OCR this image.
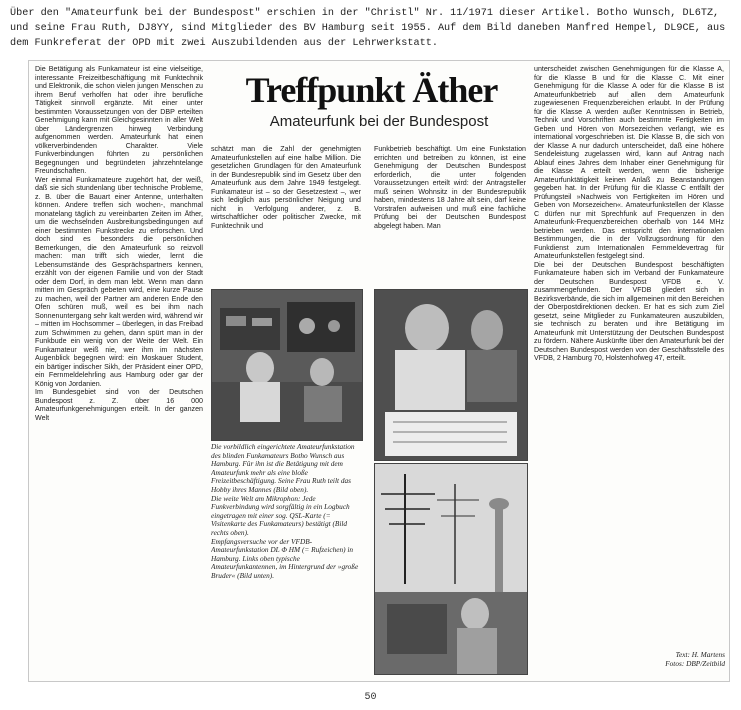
Über den "Amateurfunk bei der Bundespost" erschien in der "Christl" Nr. 11/1971 dieser Artikel. Botho Wunsch, DL6TZ, und seine Frau Ruth, DJ8YY, sind Mitglieder des BV Hamburg seit 1955. Auf dem Bild daneben Manfred Hempel, DL9CE, aus dem Funkreferat der OPD mit zwei Auszubildenden aus der Lehrwerkstatt.
Die Betätigung als Funkamateur ist eine vielseitige, interessante Freizeitbeschäftigung mit Funktechnik und Elektronik, die schon vielen jungen Menschen zu ihrem Beruf verholfen hat oder ihre berufliche Tätigkeit sinnvoll ergänzte. Mit einer unter bestimmten Voraussetzungen von der DBP erteilten Genehmigung kann mit Gleichgesinnten in aller Welt über Ländergrenzen hinweg Verbindung aufgenommen werden. Amateurfunk hat einen völkerverbindenden Charakter. Viele Funkverbindungen führten zu persönlichen Begegnungen und begründeten jahrzehntelange Freundschaften.
Wer einmal Funkamateure zugehört hat, der weiß, daß sie sich stundenlang über technische Probleme, z. B. über die Bauart einer Antenne, unterhalten können. Andere treffen sich wochen-, manchmal monatelang täglich zu vereinbarten Zeiten im Äther, um die wechselnden Ausbreitungsbedingungen auf einer bestimmten Funkstrecke zu erforschen. Und doch sind es besonders die persönlichen Bemerkungen, die den Amateurfunk so reizvoll machen: man trifft sich wieder, lernt die Lebensumstände des Gesprächspartners kennen, erzählt von der eigenen Familie und von der Stadt oder dem Dorf, in dem man lebt. Wenn man dann mitten im Gespräch gebeten wird, eine kurze Pause zu machen, weil der Partner am anderen Ende den Ofen schüren muß, weil es bei ihm nach Sonnenuntergang sehr kalt werden wird, während wir – mitten im Hochsommer – überlegen, in das Freibad zum Schwimmen zu gehen, dann spürt man in der Funkbude ein wenig von der Weite der Welt. Ein Funkamateur weiß nie, wer ihm im nächsten Augenblick begegnen wird: ein Moskauer Student, ein bärtiger indischer Sikh, der Präsident einer OPD, ein Fernmeldelehrling aus Hamburg oder gar der König von Jordanien.
Im Bundesgebiet sind von der Deutschen Bundespost z. Z. über 16 000 Amateurfunkgenehmigungen erteilt. In der ganzen Welt
Treffpunkt Äther
Amateurfunk bei der Bundespost
schätzt man die Zahl der genehmigten Amateurfunkstellen auf eine halbe Million. Die gesetzlichen Grundlagen für den Amateurfunk in der Bundesrepublik sind im Gesetz über den Amateurfunk aus dem Jahre 1949 festgelegt. Funkamateur ist – so der Gesetzestext –, wer sich lediglich aus persönlicher Neigung und nicht in Verfolgung anderer, z. B. wirtschaftlicher oder politischer Zwecke, mit Funktechnik und
Funkbetrieb beschäftigt. Um eine Funkstation errichten und betreiben zu können, ist eine Genehmigung der Deutschen Bundespost erforderlich, die unter folgenden Voraussetzungen erteilt wird: der Antragsteller muß seinen Wohnsitz in der Bundesrepublik haben, mindestens 18 Jahre alt sein, darf keine Vorstrafen aufweisen und muß eine fachliche Prüfung bei der Deutschen Bundespost abgelegt haben. Man
Die vorbildlich eingerichtete Amateurfunkstation des blinden Funkamateurs Botho Wunsch aus Hamburg. Für ihn ist die Betätigung mit dem Amateurfunk mehr als eine bloße Freizeitbeschäftigung. Seine Frau Ruth teilt das Hobby ihres Mannes (Bild oben).
Die weite Welt am Mikrophon: Jede Funkverbindung wird sorgfältig in ein Logbuch eingetragen mit einer sog. QSL-Karte (= Visitenkarte des Funkamateurs) bestätigt (Bild rechts oben).
Empfangsversuche vor der VFDB-Amateurfunkstation DL Φ HM (= Rufzeichen) in Hamburg. Links oben typische Amateurfunkantennen, im Hintergrund der »große Bruder« (Bild unten).
unterscheidet zwischen Genehmigungen für die Klasse A, für die Klasse B und für die Klasse C. Mit einer Genehmigung für die Klasse A oder für die Klasse B ist Amateurfunkbetrieb auf allen dem Amateurfunk zugewiesenen Frequenzbereichen erlaubt. In der Prüfung für die Klasse A werden außer Kenntnissen in Betrieb, Technik und Vorschriften auch bestimmte Fertigkeiten im Geben und Hören von Morsezeichen verlangt, wie es international vorgeschrieben ist. Die Klasse B, die sich von der Klasse A nur dadurch unterscheidet, daß eine höhere Sendeleistung zugelassen wird, kann auf Antrag nach Ablauf eines Jahres dem Inhaber einer Genehmigung für die Klasse A erteilt werden, wenn die bisherige Amateurfunktätigkeit keinen Anlaß zu Beanstandungen gegeben hat. In der Prüfung für die Klasse C entfällt der Prüfungsteil »Nachweis von Fertigkeiten im Hören und Geben von Morsezeichen«. Amateurfunkstellen der Klasse C dürfen nur mit Sprechfunk auf Frequenzen in den Amateurfunk-Frequenzbereichen oberhalb von 144 MHz betrieben werden. Das entspricht den internationalen Bestimmungen, die in der Vollzugsordnung für den Funkdienst zum Internationalen Fernmeldevertrag für Amateurfunkstellen festgelegt sind.
Die bei der Deutschen Bundespost beschäftigten Funkamateure haben sich im Verband der Funkamateure der Deutschen Bundespost VFDB e. V. zusammengefunden. Der VFDB gliedert sich in Bezirksverbände, die sich im allgemeinen mit den Bereichen der Oberpostdirektionen decken. Er hat es sich zum Ziel gesetzt, seine Mitglieder zu Funkamateuren auszubilden, sie technisch zu beraten und ihre Betätigung im Amateurfunk mit Unterstützung der Deutschen Bundespost zu fördern. Nähere Auskünfte über den Amateurfunk bei der Deutschen Bundespost werden von der Geschäftsstelle des VFDB, 2 Hamburg 70, Holstenhofweg 47, erteilt.
Text: H. Martens
Fotos: DBP/Zeitbild
50
